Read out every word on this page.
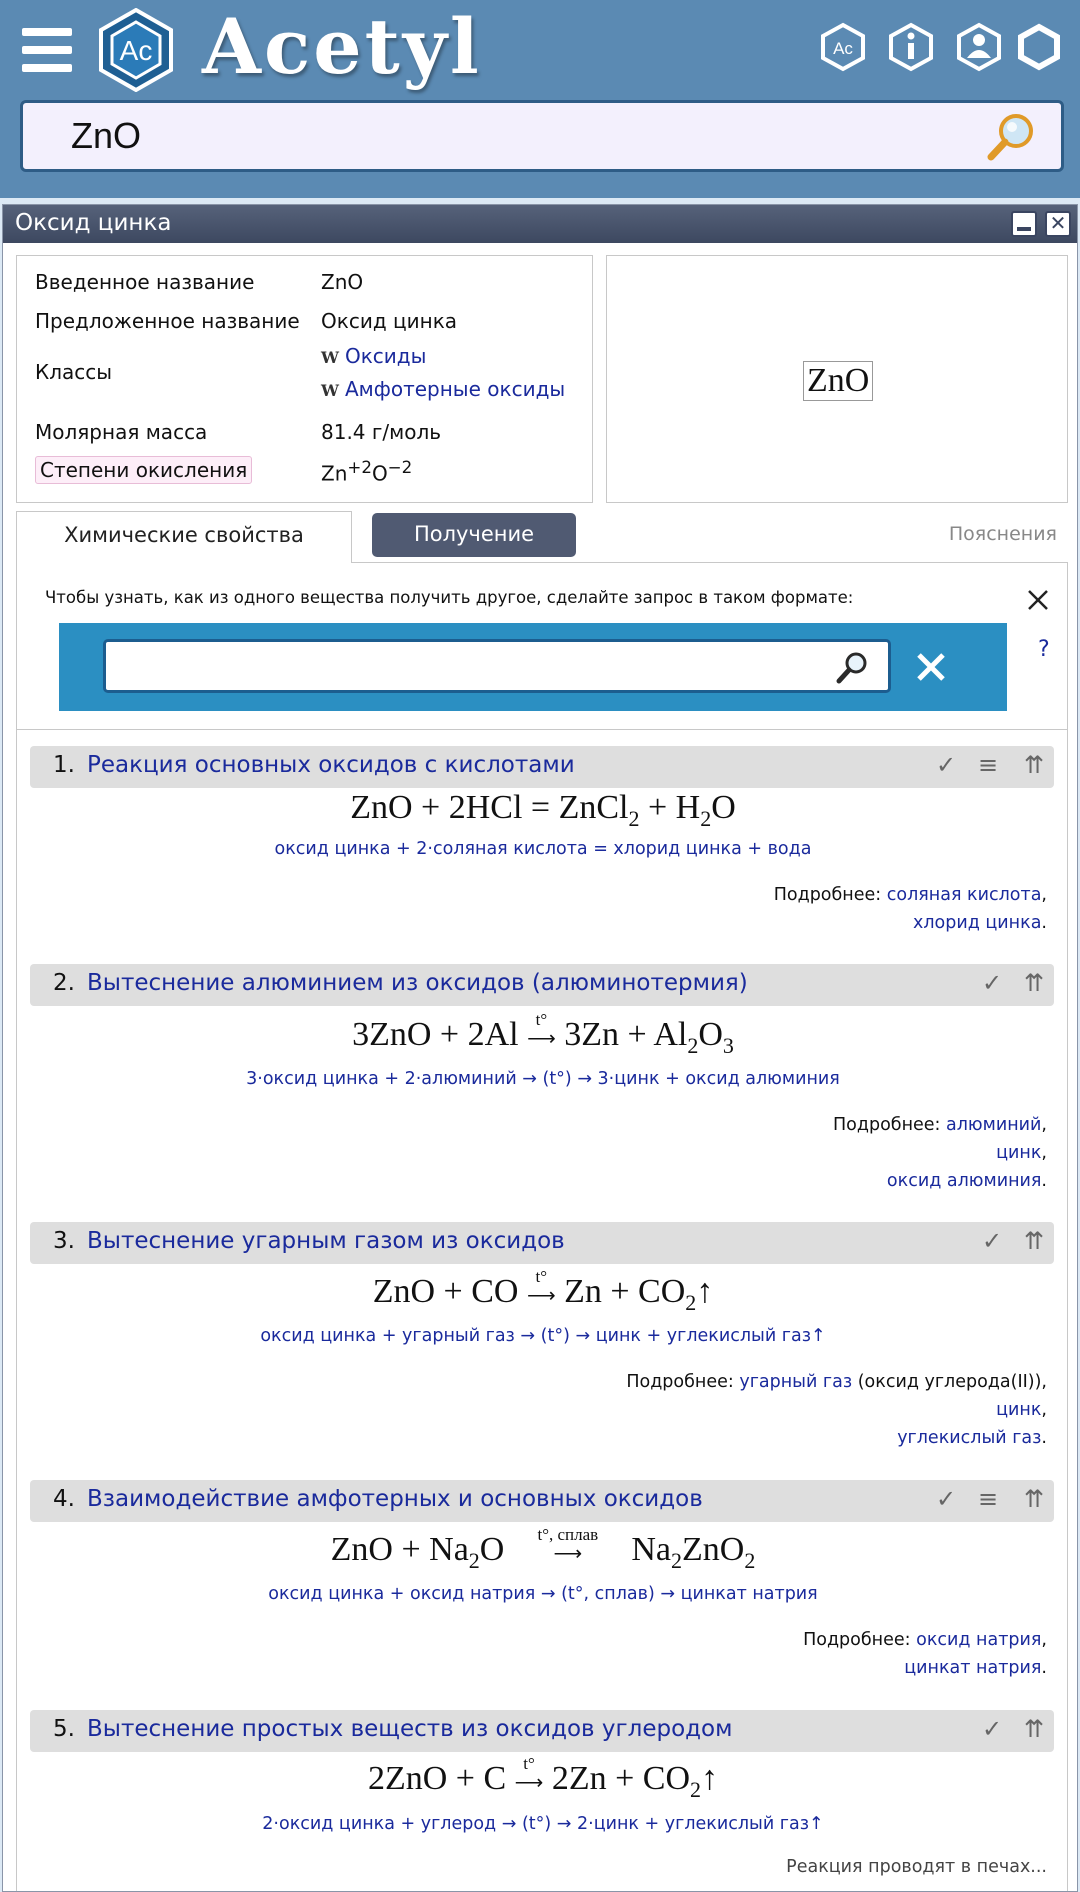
Ac Acetyl	Ac
ZnO
Оксид цинка	✕
Введенное название	ZnO
Предложенное название Оксид цинка
Классы
W Оксиды
W Амфотерные оксиды
Молярная масса	81.4 г/моль
Степени окисления	$Zn^{+2}O^{-2}$
ZnO
Химические свойства	Получение	Пояснения
Чтобы узнать, как из одного вещества получить другое, сделайте запрос в таком формате:
?
1. Реакция основных оксидов с кислотами	✓ ≡ ⇈
ZnO + 2HCl = ZnCl$_2$ + $H_2O$
оксид цинка + 2·соляная кислота = хлорид цинка + вода
Подробнее: соляная кислота,
хлорид цинка.
2. Вытеснение алюминием из оксидов (алюминотермия)	✓ ⇈
3ZnO + 2Al t°
⟶ $3Zn + Al_2O_3$
3·оксид цинка + 2·алюминий → (t°) → 3·цинк + оксид алюминия
Подробнее: алюминий,
цинк,
оксид алюминия.
3. Вытеснение угарным газом из оксидов	✓ ⇈
ZnO + CO t°
⟶ $Zn + CO_2↑$
оксид цинка + угарный газ → (t°) → цинк + углекислый газ↑
Подробнее: угарный газ (оксид углерода(II)),
цинк,
углекислый газ.
4. Взаимодействие амфотерных и основных оксидов	✓ ≡ ⇈
ZnO + $Na_2O$	t°, сплав
⟶ $Na_2ZnO_2$
оксид цинка + оксид натрия → (t°, сплав) → цинкат натрия
Подробнее: оксид натрия,
цинкат натрия.
5. Вытеснение простых веществ из оксидов углеродом	✓ ⇈
2ZnO + C t°
⟶ $2Zn + CO_2↑$
2·оксид цинка + углерод → (t°) → 2·цинк + углекислый газ↑
Реакция проводят в печах...
